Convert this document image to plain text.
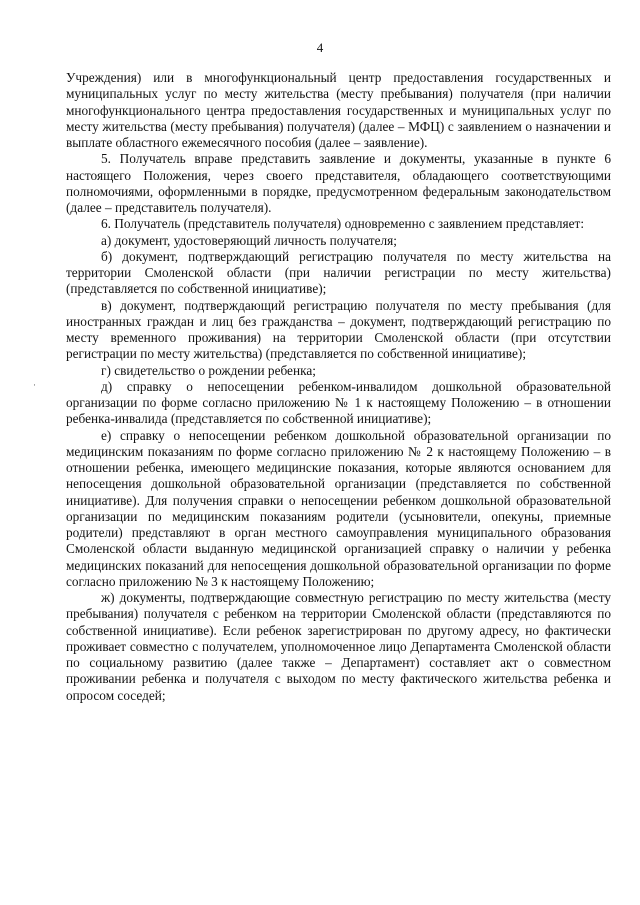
4
·

Учреждения) или в многофункциональный центр предоставления государственных и муниципальных услуг по месту жительства (месту пребывания) получателя (при наличии многофункционального центра предоставления государственных и муниципальных услуг по месту жительства (месту пребывания) получателя) (далее – МФЦ) с заявлением о назначении и выплате областного ежемесячного пособия (далее – заявление).

5. Получатель вправе представить заявление и документы, указанные в пункте 6 настоящего Положения, через своего представителя, обладающего соответствующими полномочиями, оформленными в порядке, предусмотренном федеральным законодательством (далее – представитель получателя).

6. Получатель (представитель получателя) одновременно с заявлением представляет:

а) документ, удостоверяющий личность получателя;

б) документ, подтверждающий регистрацию получателя по месту жительства на территории Смоленской области (при наличии регистрации по месту жительства) (представляется по собственной инициативе);

в) документ, подтверждающий регистрацию получателя по месту пребывания (для иностранных граждан и лиц без гражданства – документ, подтверждающий регистрацию по месту временного проживания) на территории Смоленской области (при отсутствии регистрации по месту жительства) (представляется по собственной инициативе);

г) свидетельство о рождении ребенка;

д) справку о непосещении ребенком-инвалидом дошкольной образовательной организации по форме согласно приложению № 1 к настоящему Положению – в отношении ребенка-инвалида (представляется по собственной инициативе);

е) справку о непосещении ребенком дошкольной образовательной организации по медицинским показаниям по форме согласно приложению № 2 к настоящему Положению – в отношении ребенка, имеющего медицинские показания, которые являются основанием для непосещения дошкольной образовательной организации (представляется по собственной инициативе). Для получения справки о непосещении ребенком дошкольной образовательной организации по медицинским показаниям родители (усыновители, опекуны, приемные родители) представляют в орган местного самоуправления муниципального образования Смоленской области выданную медицинской организацией справку о наличии у ребенка медицинских показаний для непосещения дошкольной образовательной организации по форме согласно приложению № 3 к настоящему Положению;

ж) документы, подтверждающие совместную регистрацию по месту жительства (месту пребывания) получателя с ребенком на территории Смоленской области (представляются по собственной инициативе). Если ребенок зарегистрирован по другому адресу, но фактически проживает совместно с получателем, уполномоченное лицо Департамента Смоленской области по социальному развитию (далее также – Департамент) составляет акт о совместном проживании ребенка и получателя с выходом по месту фактического жительства ребенка и опросом соседей;
